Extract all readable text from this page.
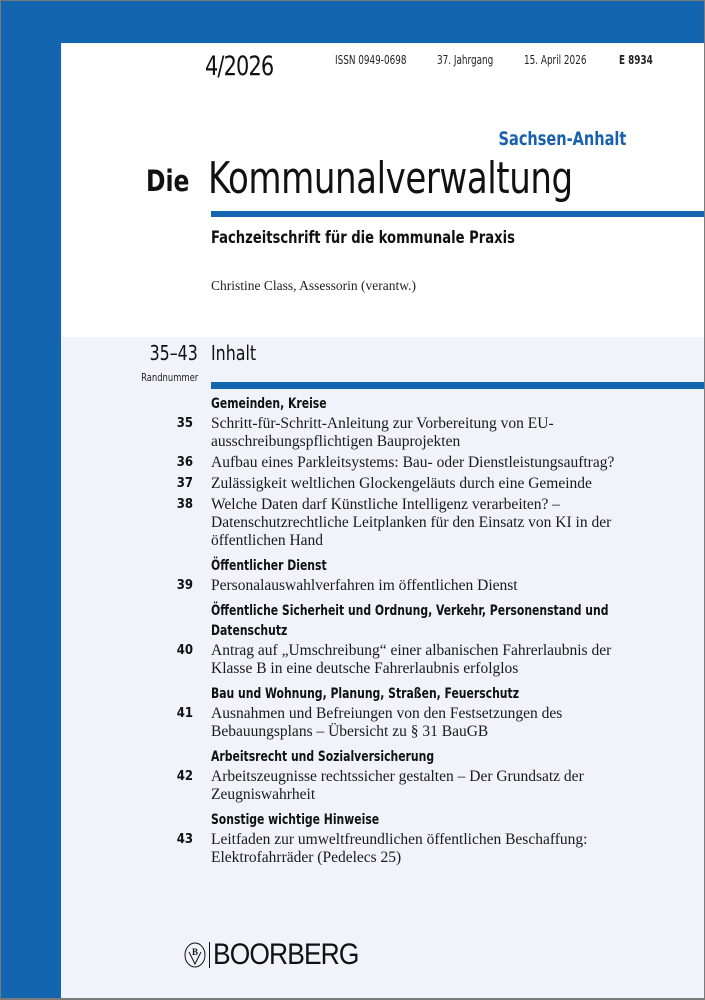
4/2026	ISSN 0949-0698	37. Jahrgang	15. April 2026	E 8934
Sachsen-Anhalt
Die Kommunalverwaltung
Fachzeitschrift für die kommunale Praxis
Christine Class, Assessorin (verantw.)
35–43
Randnummer
Inhalt
Gemeinden, Kreise
35	Schritt-für-Schritt-Anleitung zur Vorbereitung von EU-ausschreibungspflichtigen Bauprojekten
36	Aufbau eines Parkleitsystems: Bau- oder Dienstleistungsauftrag?
37	Zulässigkeit weltlichen Glockengeläuts durch eine Gemeinde
38	Welche Daten darf Künstliche Intelligenz verarbeiten? – Datenschutzrechtliche Leitplanken für den Einsatz von KI in der öffentlichen Hand
Öffentlicher Dienst
39	Personalauswahlverfahren im öffentlichen Dienst
Öffentliche Sicherheit und Ordnung, Verkehr, Personenstand und Datenschutz
40	Antrag auf „Umschreibung“ einer albanischen Fahrerlaubnis der Klasse B in eine deutsche Fahrerlaubnis erfolglos
Bau und Wohnung, Planung, Straßen, Feuerschutz
41	Ausnahmen und Befreiungen von den Festsetzungen des Bebauungsplans – Übersicht zu § 31 BauGB
Arbeitsrecht und Sozialversicherung
42	Arbeitszeugnisse rechtssicher gestalten – Der Grundsatz der Zeugniswahrheit
Sonstige wichtige Hinweise
43	Leitfaden zur umweltfreundlichen öffentlichen Beschaffung: Elektrofahrräder (Pedelecs 25)
B BOORBERG
